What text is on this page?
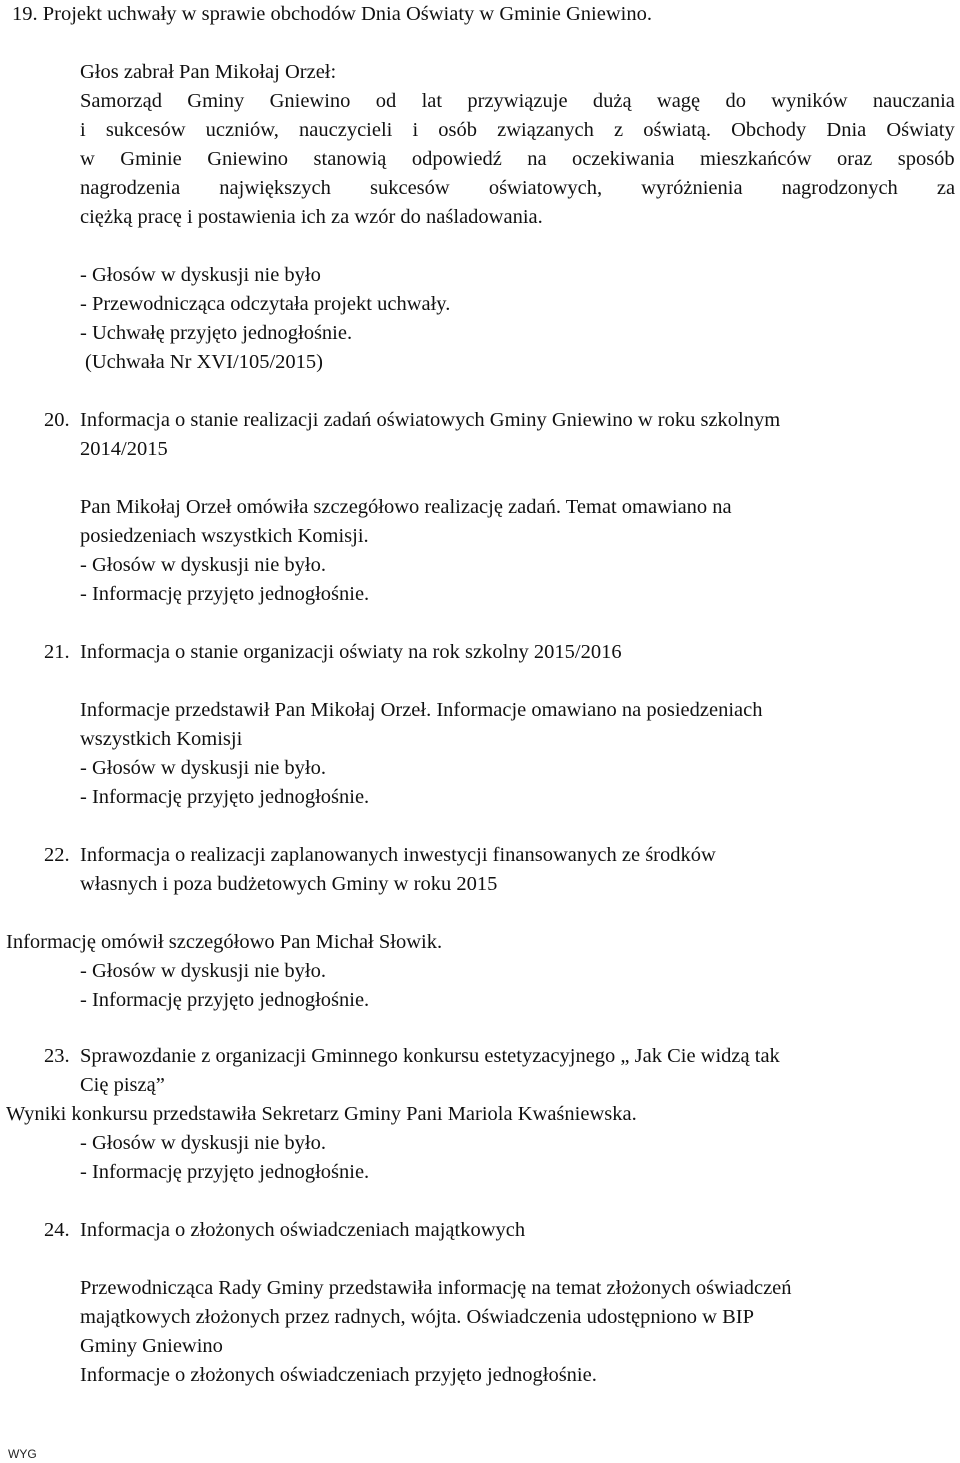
19. Projekt uchwały w sprawie obchodów Dnia Oświaty w Gminie Gniewino.
Głos zabrał Pan Mikołaj Orzeł:
Samorząd Gminy Gniewino od lat przywiązuje dużą wagę do wyników nauczania
i sukcesów uczniów, nauczycieli i osób związanych z oświatą. Obchody Dnia Oświaty
w Gminie Gniewino stanowią odpowiedź na oczekiwania mieszkańców oraz sposób
nagrodzenia największych sukcesów oświatowych, wyróżnienia nagrodzonych za
ciężką pracę i postawienia ich za wzór do naśladowania.
- Głosów w dyskusji nie było
- Przewodnicząca odczytała projekt uchwały.
- Uchwałę przyjęto jednogłośnie.
(Uchwała Nr XVI/105/2015)
20. Informacja o stanie realizacji zadań oświatowych Gminy Gniewino w roku szkolnym
2014/2015
Pan Mikołaj Orzeł omówiła szczegółowo realizację zadań. Temat omawiano na
posiedzeniach wszystkich Komisji.
- Głosów w dyskusji nie było.
- Informację przyjęto jednogłośnie.
21. Informacja o stanie organizacji oświaty na rok szkolny 2015/2016
Informacje przedstawił Pan Mikołaj Orzeł. Informacje omawiano na posiedzeniach
wszystkich Komisji
- Głosów w dyskusji nie było.
- Informację przyjęto jednogłośnie.
22. Informacja o realizacji zaplanowanych inwestycji finansowanych ze środków
własnych i poza budżetowych Gminy w roku 2015
Informację omówił szczegółowo Pan Michał Słowik.
- Głosów w dyskusji nie było.
- Informację przyjęto jednogłośnie.
23. Sprawozdanie z organizacji Gminnego konkursu estetyzacyjnego „ Jak Cie widzą tak
Cię piszą”
Wyniki konkursu przedstawiła Sekretarz Gminy Pani Mariola Kwaśniewska.
- Głosów w dyskusji nie było.
- Informację przyjęto jednogłośnie.
24. Informacja o złożonych oświadczeniach majątkowych
Przewodnicząca Rady Gminy przedstawiła informację na temat złożonych oświadczeń
majątkowych złożonych przez radnych, wójta. Oświadczenia udostępniono w BIP
Gminy Gniewino
Informacje o złożonych oświadczeniach przyjęto jednogłośnie.
WYG
